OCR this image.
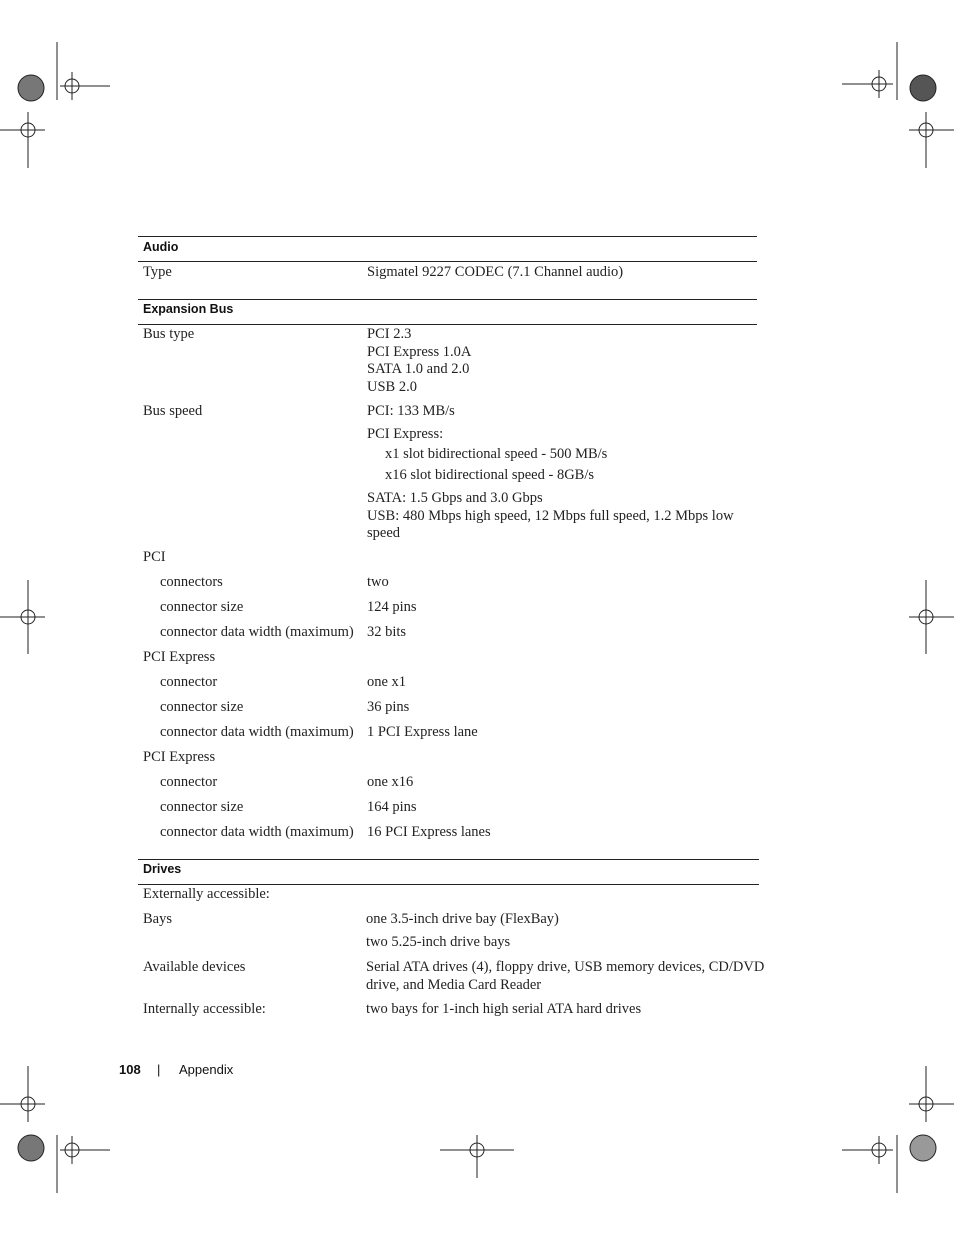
Audio
Type	Sigmatel 9227 CODEC (7.1 Channel audio)
Expansion Bus
Bus type	PCI 2.3
PCI Express 1.0A
SATA 1.0 and 2.0
USB 2.0
Bus speed	PCI: 133 MB/s
PCI Express:
x1 slot bidirectional speed - 500 MB/s
x16 slot bidirectional speed - 8GB/s
SATA: 1.5 Gbps and 3.0 Gbps
USB: 480 Mbps high speed, 12 Mbps full speed, 1.2 Mbps low
speed
PCI
connectors	two
connector size	124 pins
connector data width (maximum) 32 bits
PCI Express
connector	one x1
connector size	36 pins
connector data width (maximum) 1 PCI Express lane
PCI Express
connector	one x16
connector size	164 pins
connector data width (maximum) 16 PCI Express lanes
Drives
Externally accessible:
Bays	one 3.5-inch drive bay (FlexBay)
two 5.25-inch drive bays
Available devices	Serial ATA drives (4), floppy drive, USB memory devices, CD/DVD
drive, and Media Card Reader
Internally accessible:	two bays for 1-inch high serial ATA hard drives
108 | Appendix
